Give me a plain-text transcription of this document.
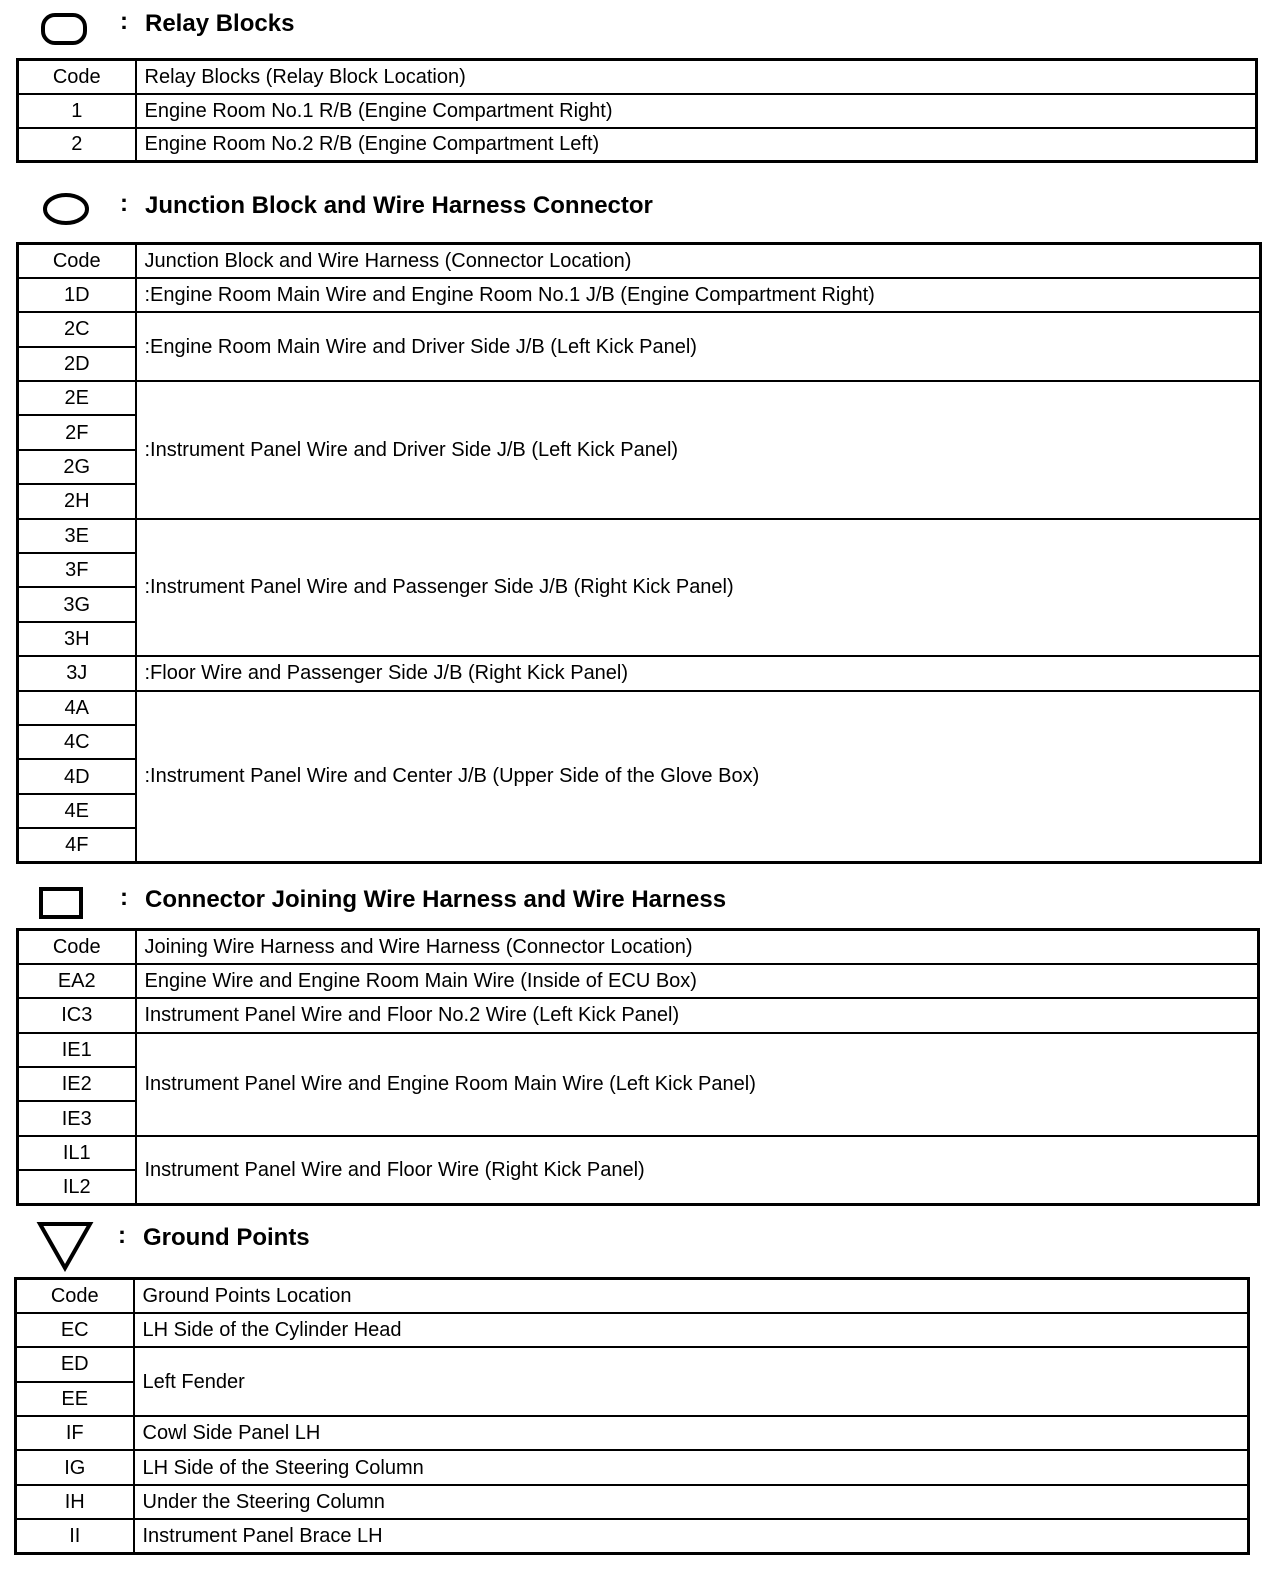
: Relay Blocks
Code	Relay Blocks (Relay Block Location)
1	Engine Room No.1 R/B (Engine Compartment Right)
2	Engine Room No.2 R/B (Engine Compartment Left)
: Junction Block and Wire Harness Connector
Code	Junction Block and Wire Harness (Connector Location)
1D	:Engine Room Main Wire and Engine Room No.1 J/B (Engine Compartment Right)
2C	:Engine Room Main Wire and Driver Side J/B (Left Kick Panel)
2D	
2E	:Instrument Panel Wire and Driver Side J/B (Left Kick Panel)
2F	
2G	
2H	
3E	:Instrument Panel Wire and Passenger Side J/B (Right Kick Panel)
3F	
3G	
3H	
3J	:Floor Wire and Passenger Side J/B (Right Kick Panel)
4A	:Instrument Panel Wire and Center J/B (Upper Side of the Glove Box)
4C	
4D	
4E	
4F	
: Connector Joining Wire Harness and Wire Harness
Code	Joining Wire Harness and Wire Harness (Connector Location)
EA2	Engine Wire and Engine Room Main Wire (Inside of ECU Box)
IC3	Instrument Panel Wire and Floor No.2 Wire (Left Kick Panel)
IE1	Instrument Panel Wire and Engine Room Main Wire (Left Kick Panel)
IE2	
IE3	
IL1	Instrument Panel Wire and Floor Wire (Right Kick Panel)
IL2	
: Ground Points
Code	Ground Points Location
EC	LH Side of the Cylinder Head
ED	Left Fender
EE	
IF	Cowl Side Panel LH
IG	LH Side of the Steering Column
IH	Under the Steering Column
II	Instrument Panel Brace LH
